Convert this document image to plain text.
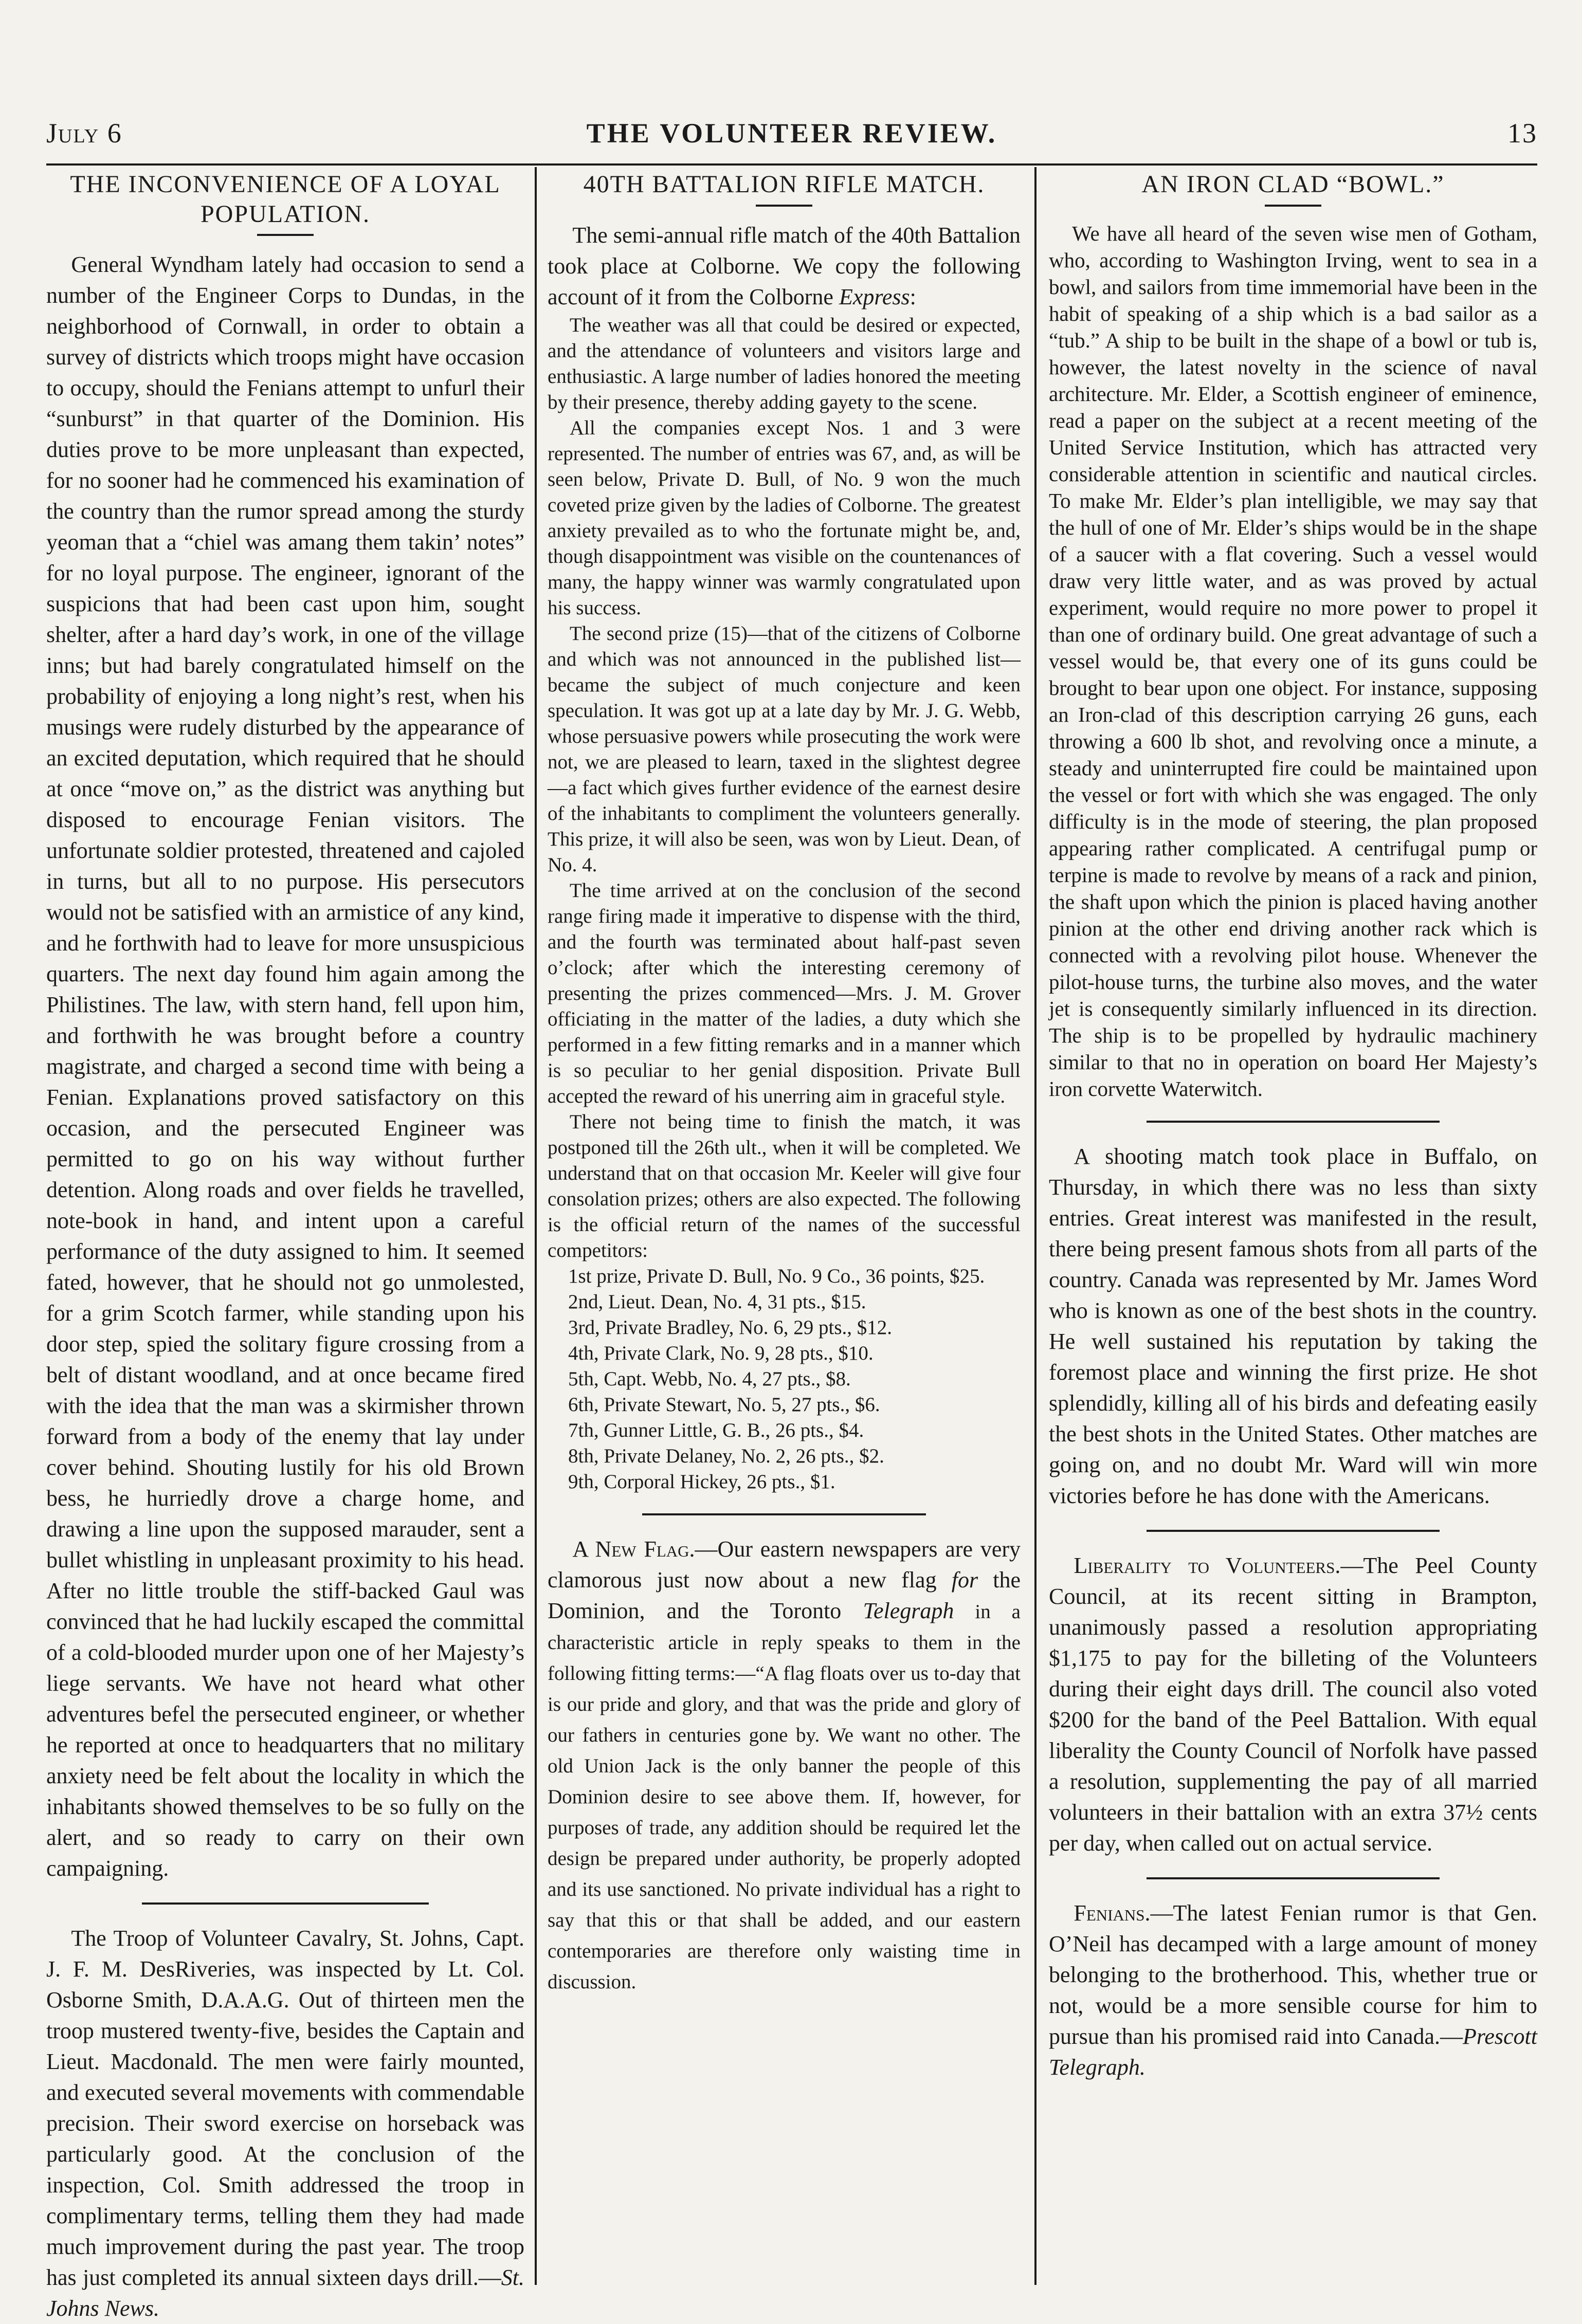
July 6	THE VOLUNTEER REVIEW.	13
THE INCONVENIENCE OF A LOYAL POPULATION.

General Wyndham lately had occasion to send a number of the Engineer Corps to Dundas, in the neighborhood of Cornwall, in order to obtain a survey of districts which troops might have occasion to occupy, should the Fenians attempt to unfurl their “sunburst” in that quarter of the Dominion. His duties prove to be more unpleasant than expected, for no sooner had he commenced his examination of the country than the rumor spread among the sturdy yeoman that a “chiel was amang them takin’ notes” for no loyal purpose. The engineer, ignorant of the suspicions that had been cast upon him, sought shelter, after a hard day’s work, in one of the village inns; but had barely congratulated himself on the probability of enjoying a long night’s rest, when his musings were rudely disturbed by the appearance of an excited deputation, which required that he should at once “move on,” as the district was anything but disposed to encourage Fenian visitors. The unfortunate soldier protested, threatened and cajoled in turns, but all to no purpose. His persecutors would not be satisfied with an armistice of any kind, and he forthwith had to leave for more unsuspicious quarters. The next day found him again among the Philistines. The law, with stern hand, fell upon him, and forthwith he was brought before a country magistrate, and charged a second time with being a Fenian. Explanations proved satisfactory on this occasion, and the persecuted Engineer was permitted to go on his way without further detention. Along roads and over fields he travelled, note-book in hand, and intent upon a careful performance of the duty assigned to him. It seemed fated, however, that he should not go unmolested, for a grim Scotch farmer, while standing upon his door step, spied the solitary figure crossing from a belt of distant woodland, and at once became fired with the idea that the man was a skirmisher thrown forward from a body of the enemy that lay under cover behind. Shouting lustily for his old Brown bess, he hurriedly drove a charge home, and drawing a line upon the supposed marauder, sent a bullet whistling in unpleasant proximity to his head. After no little trouble the stiff-backed Gaul was convinced that he had luckily escaped the committal of a cold-blooded murder upon one of her Majesty’s liege servants. We have not heard what other adventures befel the persecuted engineer, or whether he reported at once to headquarters that no military anxiety need be felt about the locality in which the inhabitants showed themselves to be so fully on the alert, and so ready to carry on their own campaigning.

The Troop of Volunteer Cavalry, St. Johns, Capt. J. F. M. DesRiveries, was inspected by Lt. Col. Osborne Smith, D.A.A.G. Out of thirteen men the troop mustered twenty-five, besides the Captain and Lieut. Macdonald. The men were fairly mounted, and executed several movements with commendable precision. Their sword exercise on horseback was particularly good. At the conclusion of the inspection, Col. Smith addressed the troop in complimentary terms, telling them they had made much improvement during the past year. The troop has just completed its annual sixteen days drill.—St. Johns News.

40TH BATTALION RIFLE MATCH.

The semi-annual rifle match of the 40th Battalion took place at Colborne. We copy the following account of it from the Colborne Express:

The weather was all that could be desired or expected, and the attendance of volunteers and visitors large and enthusiastic. A large number of ladies honored the meeting by their presence, thereby adding gayety to the scene.

All the companies except Nos. 1 and 3 were represented. The number of entries was 67, and, as will be seen below, Private D. Bull, of No. 9 won the much coveted prize given by the ladies of Colborne. The greatest anxiety prevailed as to who the fortunate might be, and, though disappointment was visible on the countenances of many, the happy winner was warmly congratulated upon his success.

The second prize (15)—that of the citizens of Colborne and which was not announced in the published list—became the subject of much conjecture and keen speculation. It was got up at a late day by Mr. J. G. Webb, whose persuasive powers while prosecuting the work were not, we are pleased to learn, taxed in the slightest degree—a fact which gives further evidence of the earnest desire of the inhabitants to compliment the volunteers generally. This prize, it will also be seen, was won by Lieut. Dean, of No. 4.

The time arrived at on the conclusion of the second range firing made it imperative to dispense with the third, and the fourth was terminated about half-past seven o’clock; after which the interesting ceremony of presenting the prizes commenced—Mrs. J. M. Grover officiating in the matter of the ladies, a duty which she performed in a few fitting remarks and in a manner which is so peculiar to her genial disposition. Private Bull accepted the reward of his unerring aim in graceful style.

There not being time to finish the match, it was postponed till the 26th ult., when it will be completed. We understand that on that occasion Mr. Keeler will give four consolation prizes; others are also expected. The following is the official return of the names of the successful competitors:

1st prize, Private D. Bull, No. 9 Co., 36 points, $25.
2nd, Lieut. Dean, No. 4, 31 pts., $15.
3rd, Private Bradley, No. 6, 29 pts., $12.
4th, Private Clark, No. 9, 28 pts., $10.
5th, Capt. Webb, No. 4, 27 pts., $8.
6th, Private Stewart, No. 5, 27 pts., $6.
7th, Gunner Little, G. B., 26 pts., $4.
8th, Private Delaney, No. 2, 26 pts., $2.
9th, Corporal Hickey, 26 pts., $1.

A New Flag.—Our eastern newspapers are very clamorous just now about a new flag for the Dominion, and the Toronto Telegraph in a characteristic article in reply speaks to them in the following fitting terms:—“A flag floats over us to-day that is our pride and glory, and that was the pride and glory of our fathers in centuries gone by. We want no other. The old Union Jack is the only banner the people of this Dominion desire to see above them. If, however, for purposes of trade, any addition should be required let the design be prepared under authority, be properly adopted and its use sanctioned. No private individual has a right to say that this or that shall be added, and our eastern contemporaries are therefore only waisting time in discussion.

AN IRON CLAD “BOWL.”

We have all heard of the seven wise men of Gotham, who, according to Washington Irving, went to sea in a bowl, and sailors from time immemorial have been in the habit of speaking of a ship which is a bad sailor as a “tub.” A ship to be built in the shape of a bowl or tub is, however, the latest novelty in the science of naval architecture. Mr. Elder, a Scottish engineer of eminence, read a paper on the subject at a recent meeting of the United Service Institution, which has attracted very considerable attention in scientific and nautical circles. To make Mr. Elder’s plan intelligible, we may say that the hull of one of Mr. Elder’s ships would be in the shape of a saucer with a flat covering. Such a vessel would draw very little water, and as was proved by actual experiment, would require no more power to propel it than one of ordinary build. One great advantage of such a vessel would be, that every one of its guns could be brought to bear upon one object. For instance, supposing an Iron-clad of this description carrying 26 guns, each throwing a 600 lb shot, and revolving once a minute, a steady and uninterrupted fire could be maintained upon the vessel or fort with which she was engaged. The only difficulty is in the mode of steering, the plan proposed appearing rather complicated. A centrifugal pump or terpine is made to revolve by means of a rack and pinion, the shaft upon which the pinion is placed having another pinion at the other end driving another rack which is connected with a revolving pilot house. Whenever the pilot-house turns, the turbine also moves, and the water jet is consequently similarly influenced in its direction. The ship is to be propelled by hydraulic machinery similar to that no in operation on board Her Majesty’s iron corvette Waterwitch.

A shooting match took place in Buffalo, on Thursday, in which there was no less than sixty entries. Great interest was manifested in the result, there being present famous shots from all parts of the country. Canada was represented by Mr. James Word who is known as one of the best shots in the country. He well sustained his reputation by taking the foremost place and winning the first prize. He shot splendidly, killing all of his birds and defeating easily the best shots in the United States. Other matches are going on, and no doubt Mr. Ward will win more victories before he has done with the Americans.

Liberality to Volunteers.—The Peel County Council, at its recent sitting in Brampton, unanimously passed a resolution appropriating $1,175 to pay for the billeting of the Volunteers during their eight days drill. The council also voted $200 for the band of the Peel Battalion. With equal liberality the County Council of Norfolk have passed a resolution, supplementing the pay of all married volunteers in their battalion with an extra 37½ cents per day, when called out on actual service.

Fenians.—The latest Fenian rumor is that Gen. O’Neil has decamped with a large amount of money belonging to the brotherhood. This, whether true or not, would be a more sensible course for him to pursue than his promised raid into Canada.—Prescott Telegraph.
